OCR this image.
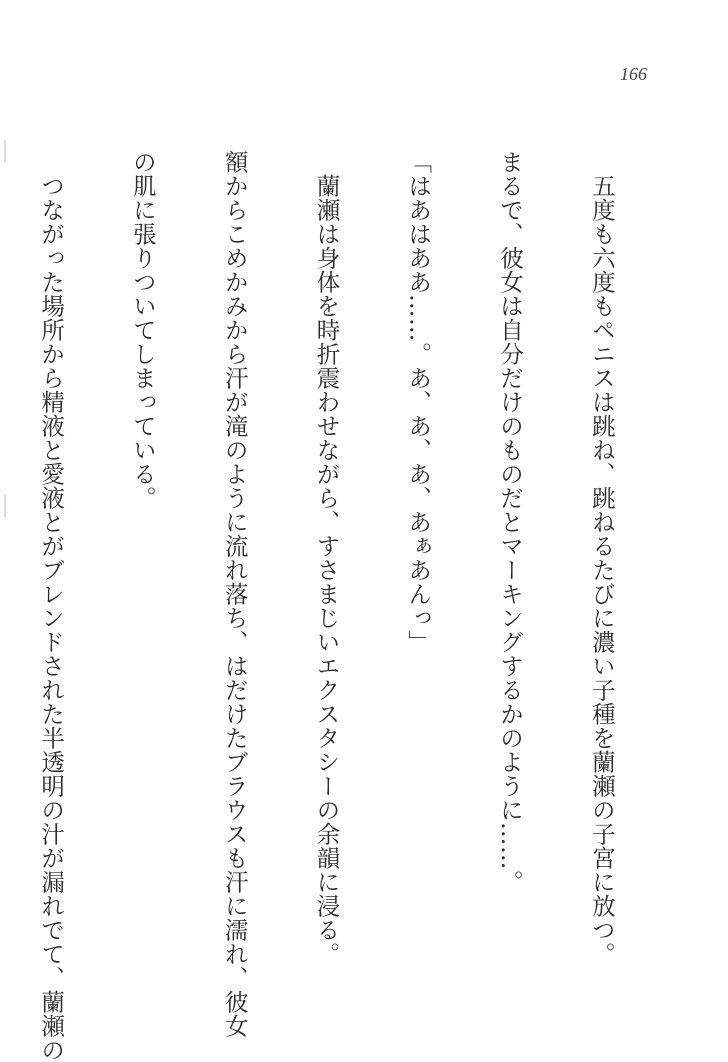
166

　五度も六度もペニスは跳ね、跳ねるたびに濃い子種を蘭瀬の子宮に放つ。

まるで、彼女は自分だけのものだとマーキングするかのように……。

「はあはああ……。あ、あ、あ、あぁあんっ」

　蘭瀬は身体を時折震わせながら、すさまじいエクスタシーの余韻に浸る。

額からこめかみから汗が滝のように流れ落ち、はだけたブラウスも汗に濡れ、彼女

の肌に張りついてしまっている。

　つながった場所から精液と愛液とがブレンドされた半透明の汁が漏れでて、蘭瀬の
